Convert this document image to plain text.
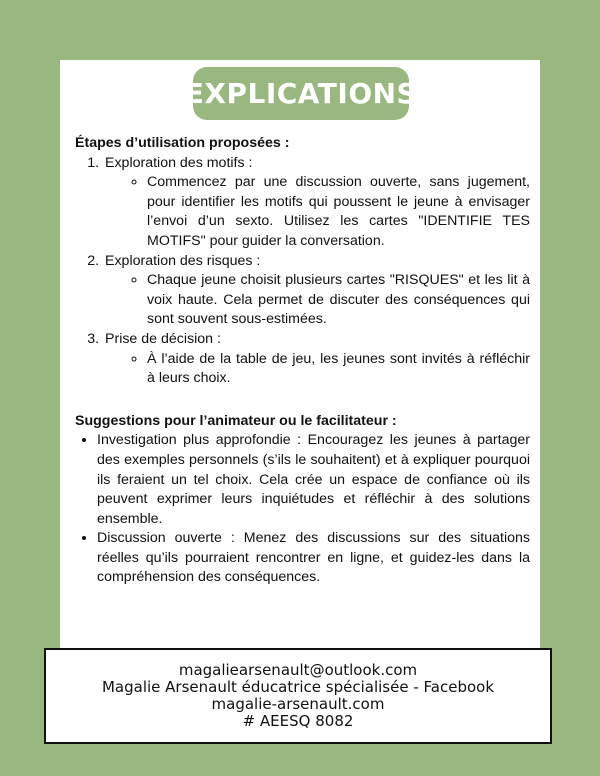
EXPLICATIONS

Étapes d’utilisation proposées :

1. Exploration des motifs :
◦ Commencez par une discussion ouverte, sans jugement, pour identifier les motifs qui poussent le jeune à envisager l’envoi d’un sexto. Utilisez les cartes "IDENTIFIE TES MOTIFS" pour guider la conversation.
2. Exploration des risques :
◦ Chaque jeune choisit plusieurs cartes "RISQUES" et les lit à voix haute. Cela permet de discuter des conséquences qui sont souvent sous-estimées.
3. Prise de décision :
◦ À l’aide de la table de jeu, les jeunes sont invités à réfléchir à leurs choix.

Suggestions pour l’animateur ou le facilitateur :

• Investigation plus approfondie : Encouragez les jeunes à partager des exemples personnels (s’ils le souhaitent) et à expliquer pourquoi ils feraient un tel choix. Cela crée un espace de confiance où ils peuvent exprimer leurs inquiétudes et réfléchir à des solutions ensemble.
• Discussion ouverte : Menez des discussions sur des situations réelles qu’ils pourraient rencontrer en ligne, et guidez-les dans la compréhension des conséquences.
magaliearsenault@outlook.com
Magalie Arsenault éducatrice spécialisée - Facebook
magalie-arsenault.com
# AEESQ 8082
